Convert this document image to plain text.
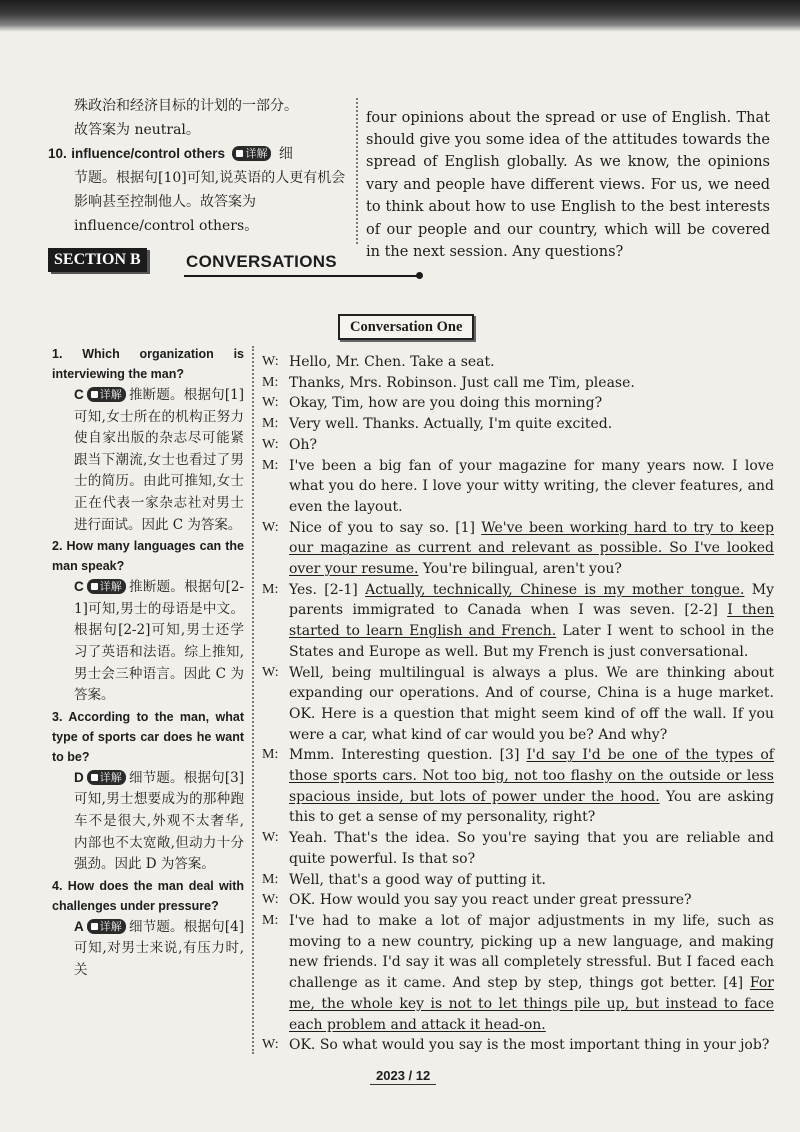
殊政治和经济目标的计划的一部分。
故答案为 neutral。

10. influence/control others 详解 细

节题。根据句[10]可知,说英语的人更有机会影响甚至控制他人。故答案为 influence/control others。

four opinions about the spread or use of English. That should give you some idea of the attitudes towards the spread of English globally. As we know, the opinions vary and people have different views. For us, we need to think about how to use English to the best interests of our people and our country, which will be covered in the next session. Any questions?

SECTION B	CONVERSATIONS
Conversation One
1. Which organization is interviewing the man?
C 详解 推断题。根据句[1]可知,女士所在的机构正努力使自家出版的杂志尽可能紧跟当下潮流,女士也看过了男士的简历。由此可推知,女士正在代表一家杂志社对男士进行面试。因此 C 为答案。
2. How many languages can the man speak?
C 详解 推断题。根据句[2-1]可知,男士的母语是中文。根据句[2-2]可知,男士还学习了英语和法语。综上推知,男士会三种语言。因此 C 为答案。
3. According to the man, what type of sports car does he want to be?
D 详解 细节题。根据句[3]可知,男士想要成为的那种跑车不是很大,外观不太奢华,内部也不太宽敞,但动力十分强劲。因此 D 为答案。
4. How does the man deal with challenges under pressure?
A 详解 细节题。根据句[4]可知,对男士来说,有压力时,关
W: Hello, Mr. Chen. Take a seat.
M: Thanks, Mrs. Robinson. Just call me Tim, please.
W: Okay, Tim, how are you doing this morning?
M: Very well. Thanks. Actually, I'm quite excited.
W: Oh?
M: I've been a big fan of your magazine for many years now. I love what you do here. I love your witty writing, the clever features, and even the layout.
W: Nice of you to say so. [1] We've been working hard to try to keep our magazine as current and relevant as possible. So I've looked over your resume. You're bilingual, aren't you?
M: Yes. [2-1] Actually, technically, Chinese is my mother tongue. My parents immigrated to Canada when I was seven. [2-2] I then started to learn English and French. Later I went to school in the States and Europe as well. But my French is just conversational.
W: Well, being multilingual is always a plus. We are thinking about expanding our operations. And of course, China is a huge market. OK. Here is a question that might seem kind of off the wall. If you were a car, what kind of car would you be? And why?
M: Mmm. Interesting question. [3] I'd say I'd be one of the types of those sports cars. Not too big, not too flashy on the outside or less spacious inside, but lots of power under the hood. You are asking this to get a sense of my personality, right?
W: Yeah. That's the idea. So you're saying that you are reliable and quite powerful. Is that so?
M: Well, that's a good way of putting it.
W: OK. How would you say you react under great pressure?
M: I've had to make a lot of major adjustments in my life, such as moving to a new country, picking up a new language, and making new friends. I'd say it was all completely stressful. But I faced each challenge as it came. And step by step, things got better. [4] For me, the whole key is not to let things pile up, but instead to face each problem and attack it head-on.
W: OK. So what would you say is the most important thing in your job?
2023 / 12
